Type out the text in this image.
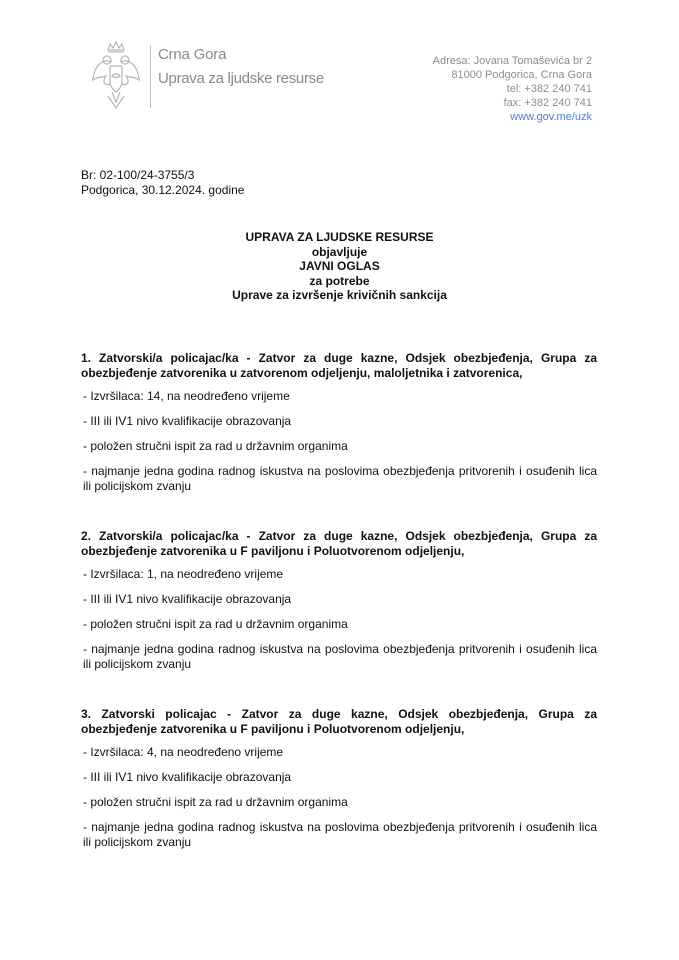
Crna Gora
Uprava za ljudske resurse
Adresa: Jovana Tomaševića br 2
81000 Podgorica, Crna Gora
tel: +382 240 741
fax: +382 240 741
www.gov.me/uzk
Br: 02-100/24-3755/3
Podgorica, 30.12.2024. godine
UPRAVA ZA LJUDSKE RESURSE
objavljuje
JAVNI OGLAS
za potrebe
Uprave za izvršenje krivičnih sankcija
1. Zatvorski/a policajac/ka - Zatvor za duge kazne, Odsjek obezbjeđenja, Grupa za obezbjeđenje zatvorenika u zatvorenom odjeljenju, maloljetnika i zatvorenica,
- Izvršilaca: 14, na neodređeno vrijeme
- III ili IV1 nivo kvalifikacije obrazovanja
- položen stručni ispit za rad u državnim organima
- najmanje jedna godina radnog iskustva na poslovima obezbjeđenja pritvorenih i osuđenih lica ili policijskom zvanju
2. Zatvorski/a policajac/ka - Zatvor za duge kazne, Odsjek obezbjeđenja, Grupa za obezbjeđenje zatvorenika u F paviljonu i Poluotvorenom odjeljenju,
- Izvršilaca: 1, na neodređeno vrijeme
- III ili IV1 nivo kvalifikacije obrazovanja
- položen stručni ispit za rad u državnim organima
- najmanje jedna godina radnog iskustva na poslovima obezbjeđenja pritvorenih i osuđenih lica ili policijskom zvanju
3. Zatvorski policajac - Zatvor za duge kazne, Odsjek obezbjeđenja, Grupa za obezbjeđenje zatvorenika u F paviljonu i Poluotvorenom odjeljenju,
- Izvršilaca: 4, na neodređeno vrijeme
- III ili IV1 nivo kvalifikacije obrazovanja
- položen stručni ispit za rad u državnim organima
- najmanje jedna godina radnog iskustva na poslovima obezbjeđenja pritvorenih i osuđenih lica ili policijskom zvanju
